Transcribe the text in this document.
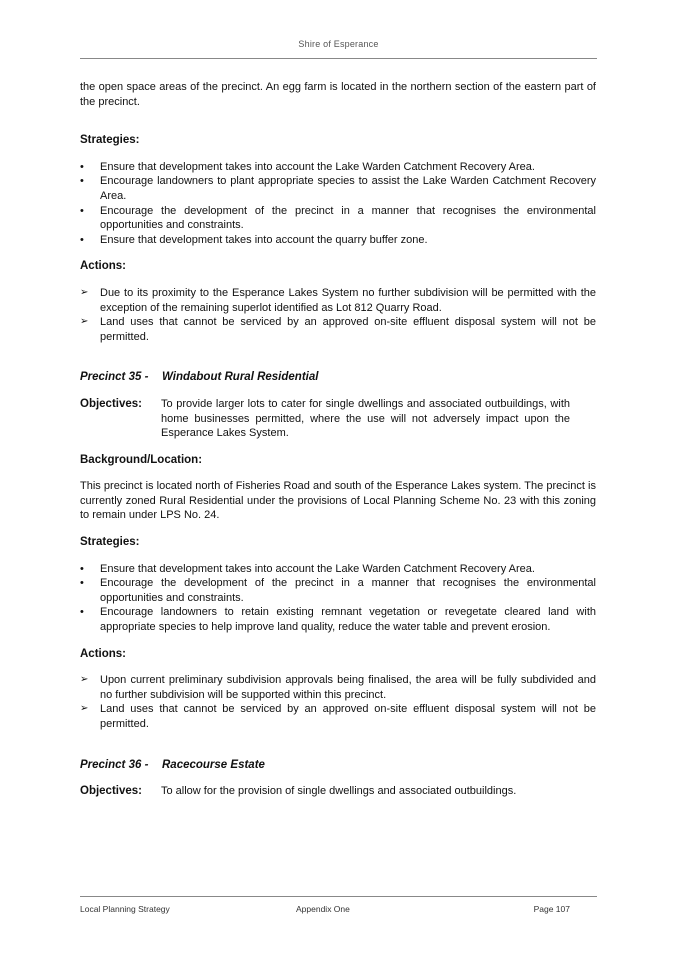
Shire of Esperance

the open space areas of the precinct. An egg farm is located in the northern section of the eastern part of the precinct.

Strategies:
•	Ensure that development takes into account the Lake Warden Catchment Recovery Area.
•	Encourage landowners to plant appropriate species to assist the Lake Warden Catchment Recovery Area.
•	Encourage the development of the precinct in a manner that recognises the environmental opportunities and constraints.
•	Ensure that development takes into account the quarry buffer zone.
Actions:
➢	Due to its proximity to the Esperance Lakes System no further subdivision will be permitted with the exception of the remaining superlot identified as Lot 812 Quarry Road.
➢	Land uses that cannot be serviced by an approved on-site effluent disposal system will not be permitted.
Precinct 35 - Windabout Rural Residential
Objectives:	To provide larger lots to cater for single dwellings and associated outbuildings, with home businesses permitted, where the use will not adversely impact upon the Esperance Lakes System.
Background/Location:

This precinct is located north of Fisheries Road and south of the Esperance Lakes system. The precinct is currently zoned Rural Residential under the provisions of Local Planning Scheme No. 23 with this zoning to remain under LPS No. 24.

Strategies:
•	Ensure that development takes into account the Lake Warden Catchment Recovery Area.
•	Encourage the development of the precinct in a manner that recognises the environmental opportunities and constraints.
•	Encourage landowners to retain existing remnant vegetation or revegetate cleared land with appropriate species to help improve land quality, reduce the water table and prevent erosion.
Actions:
➢	Upon current preliminary subdivision approvals being finalised, the area will be fully subdivided and no further subdivision will be supported within this precinct.
➢	Land uses that cannot be serviced by an approved on-site effluent disposal system will not be permitted.
Precinct 36 - Racecourse Estate
Objectives:	To allow for the provision of single dwellings and associated outbuildings.
Local Planning Strategy	Appendix One	Page 107
